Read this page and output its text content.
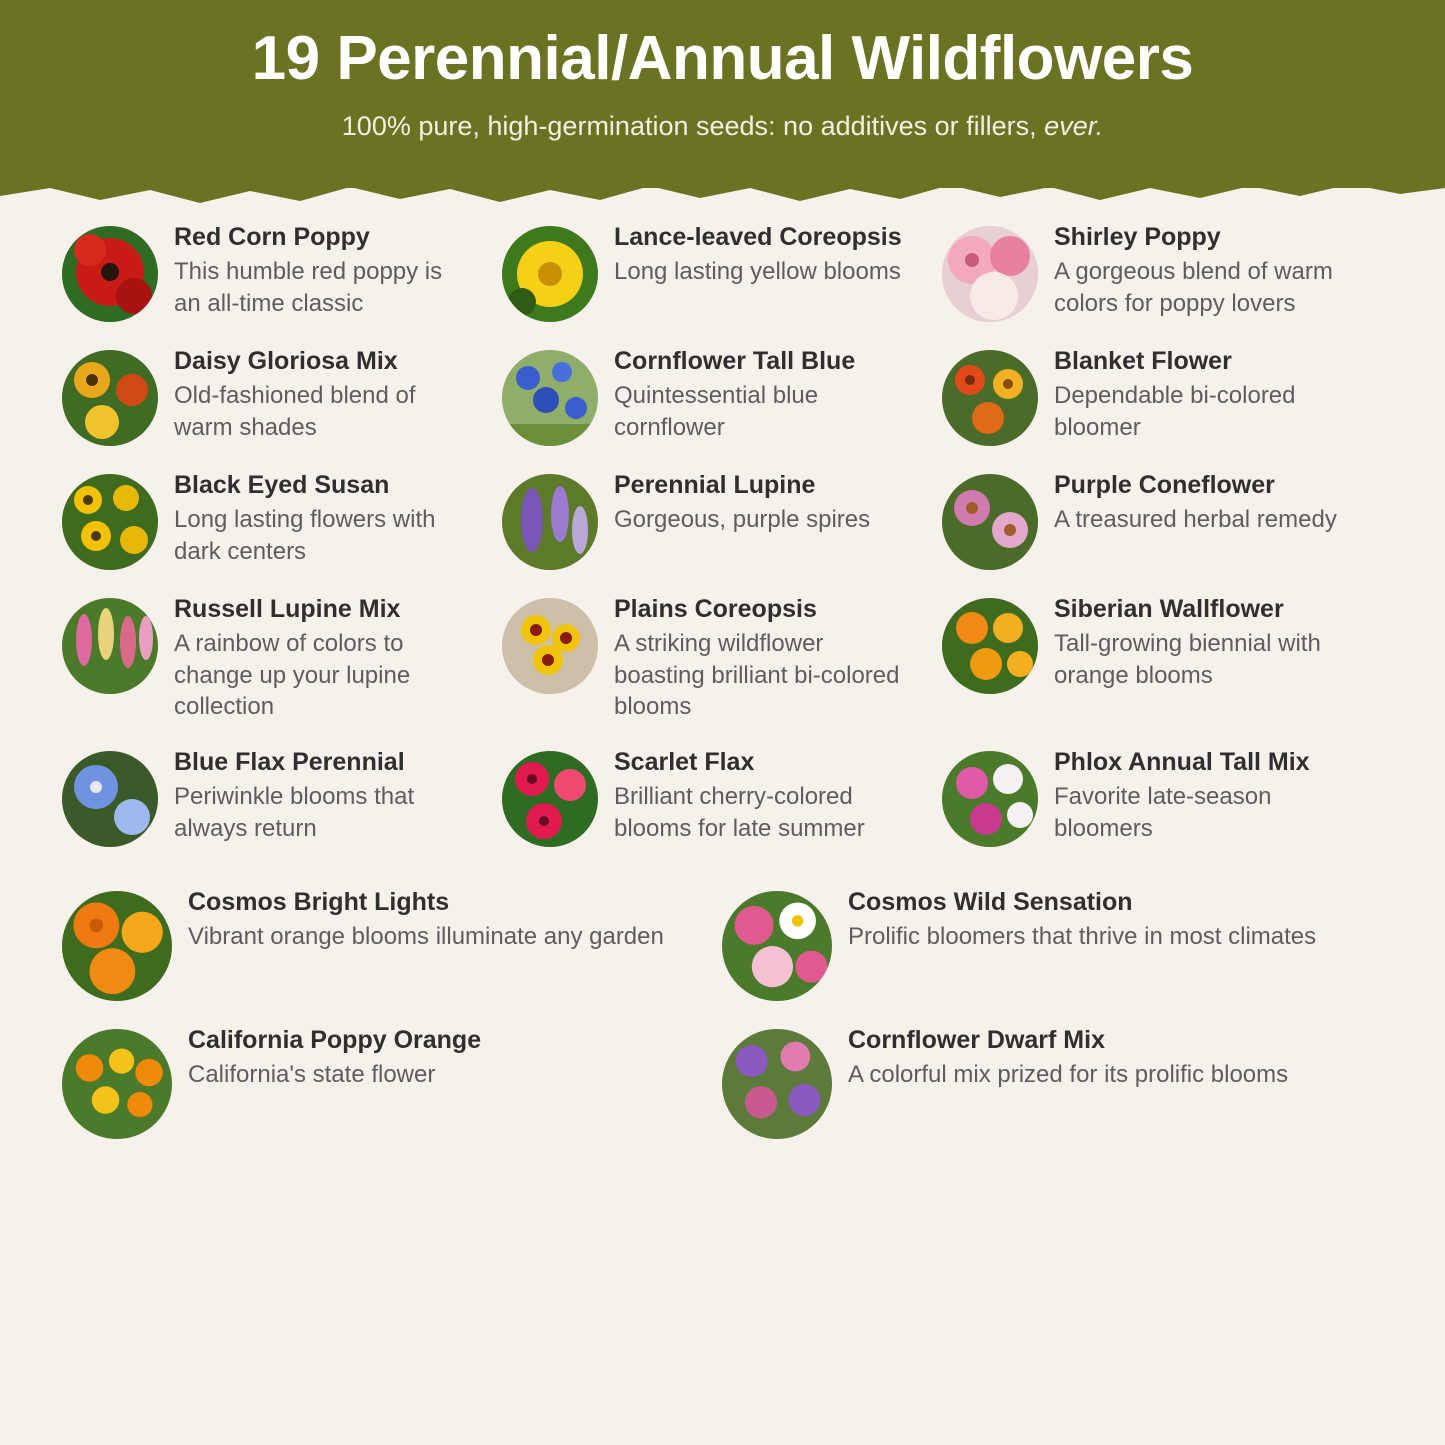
19 Perennial/Annual Wildflowers
100% pure, high-germination seeds: no additives or fillers, ever.
Red Corn Poppy
This humble red poppy is an all-time classic
Lance-leaved Coreopsis
Long lasting yellow blooms
Shirley Poppy
A gorgeous blend of warm colors for poppy lovers
Daisy Gloriosa Mix
Old-fashioned blend of warm shades
Cornflower Tall Blue
Quintessential blue cornflower
Blanket Flower
Dependable bi-colored bloomer
Black Eyed Susan
Long lasting flowers with dark centers
Perennial Lupine
Gorgeous, purple spires
Purple Coneflower
A treasured herbal remedy
Russell Lupine Mix
A rainbow of colors to change up your lupine collection
Plains Coreopsis
A striking wildflower boasting brilliant bi-colored blooms
Siberian Wallflower
Tall-growing biennial with orange blooms
Blue Flax Perennial
Periwinkle blooms that always return
Scarlet Flax
Brilliant cherry-colored blooms for late summer
Phlox Annual Tall Mix
Favorite late-season bloomers
Cosmos Bright Lights
Vibrant orange blooms illuminate any garden
Cosmos Wild Sensation
Prolific bloomers that thrive in most climates
California Poppy Orange
California's state flower
Cornflower Dwarf Mix
A colorful mix prized for its prolific blooms
